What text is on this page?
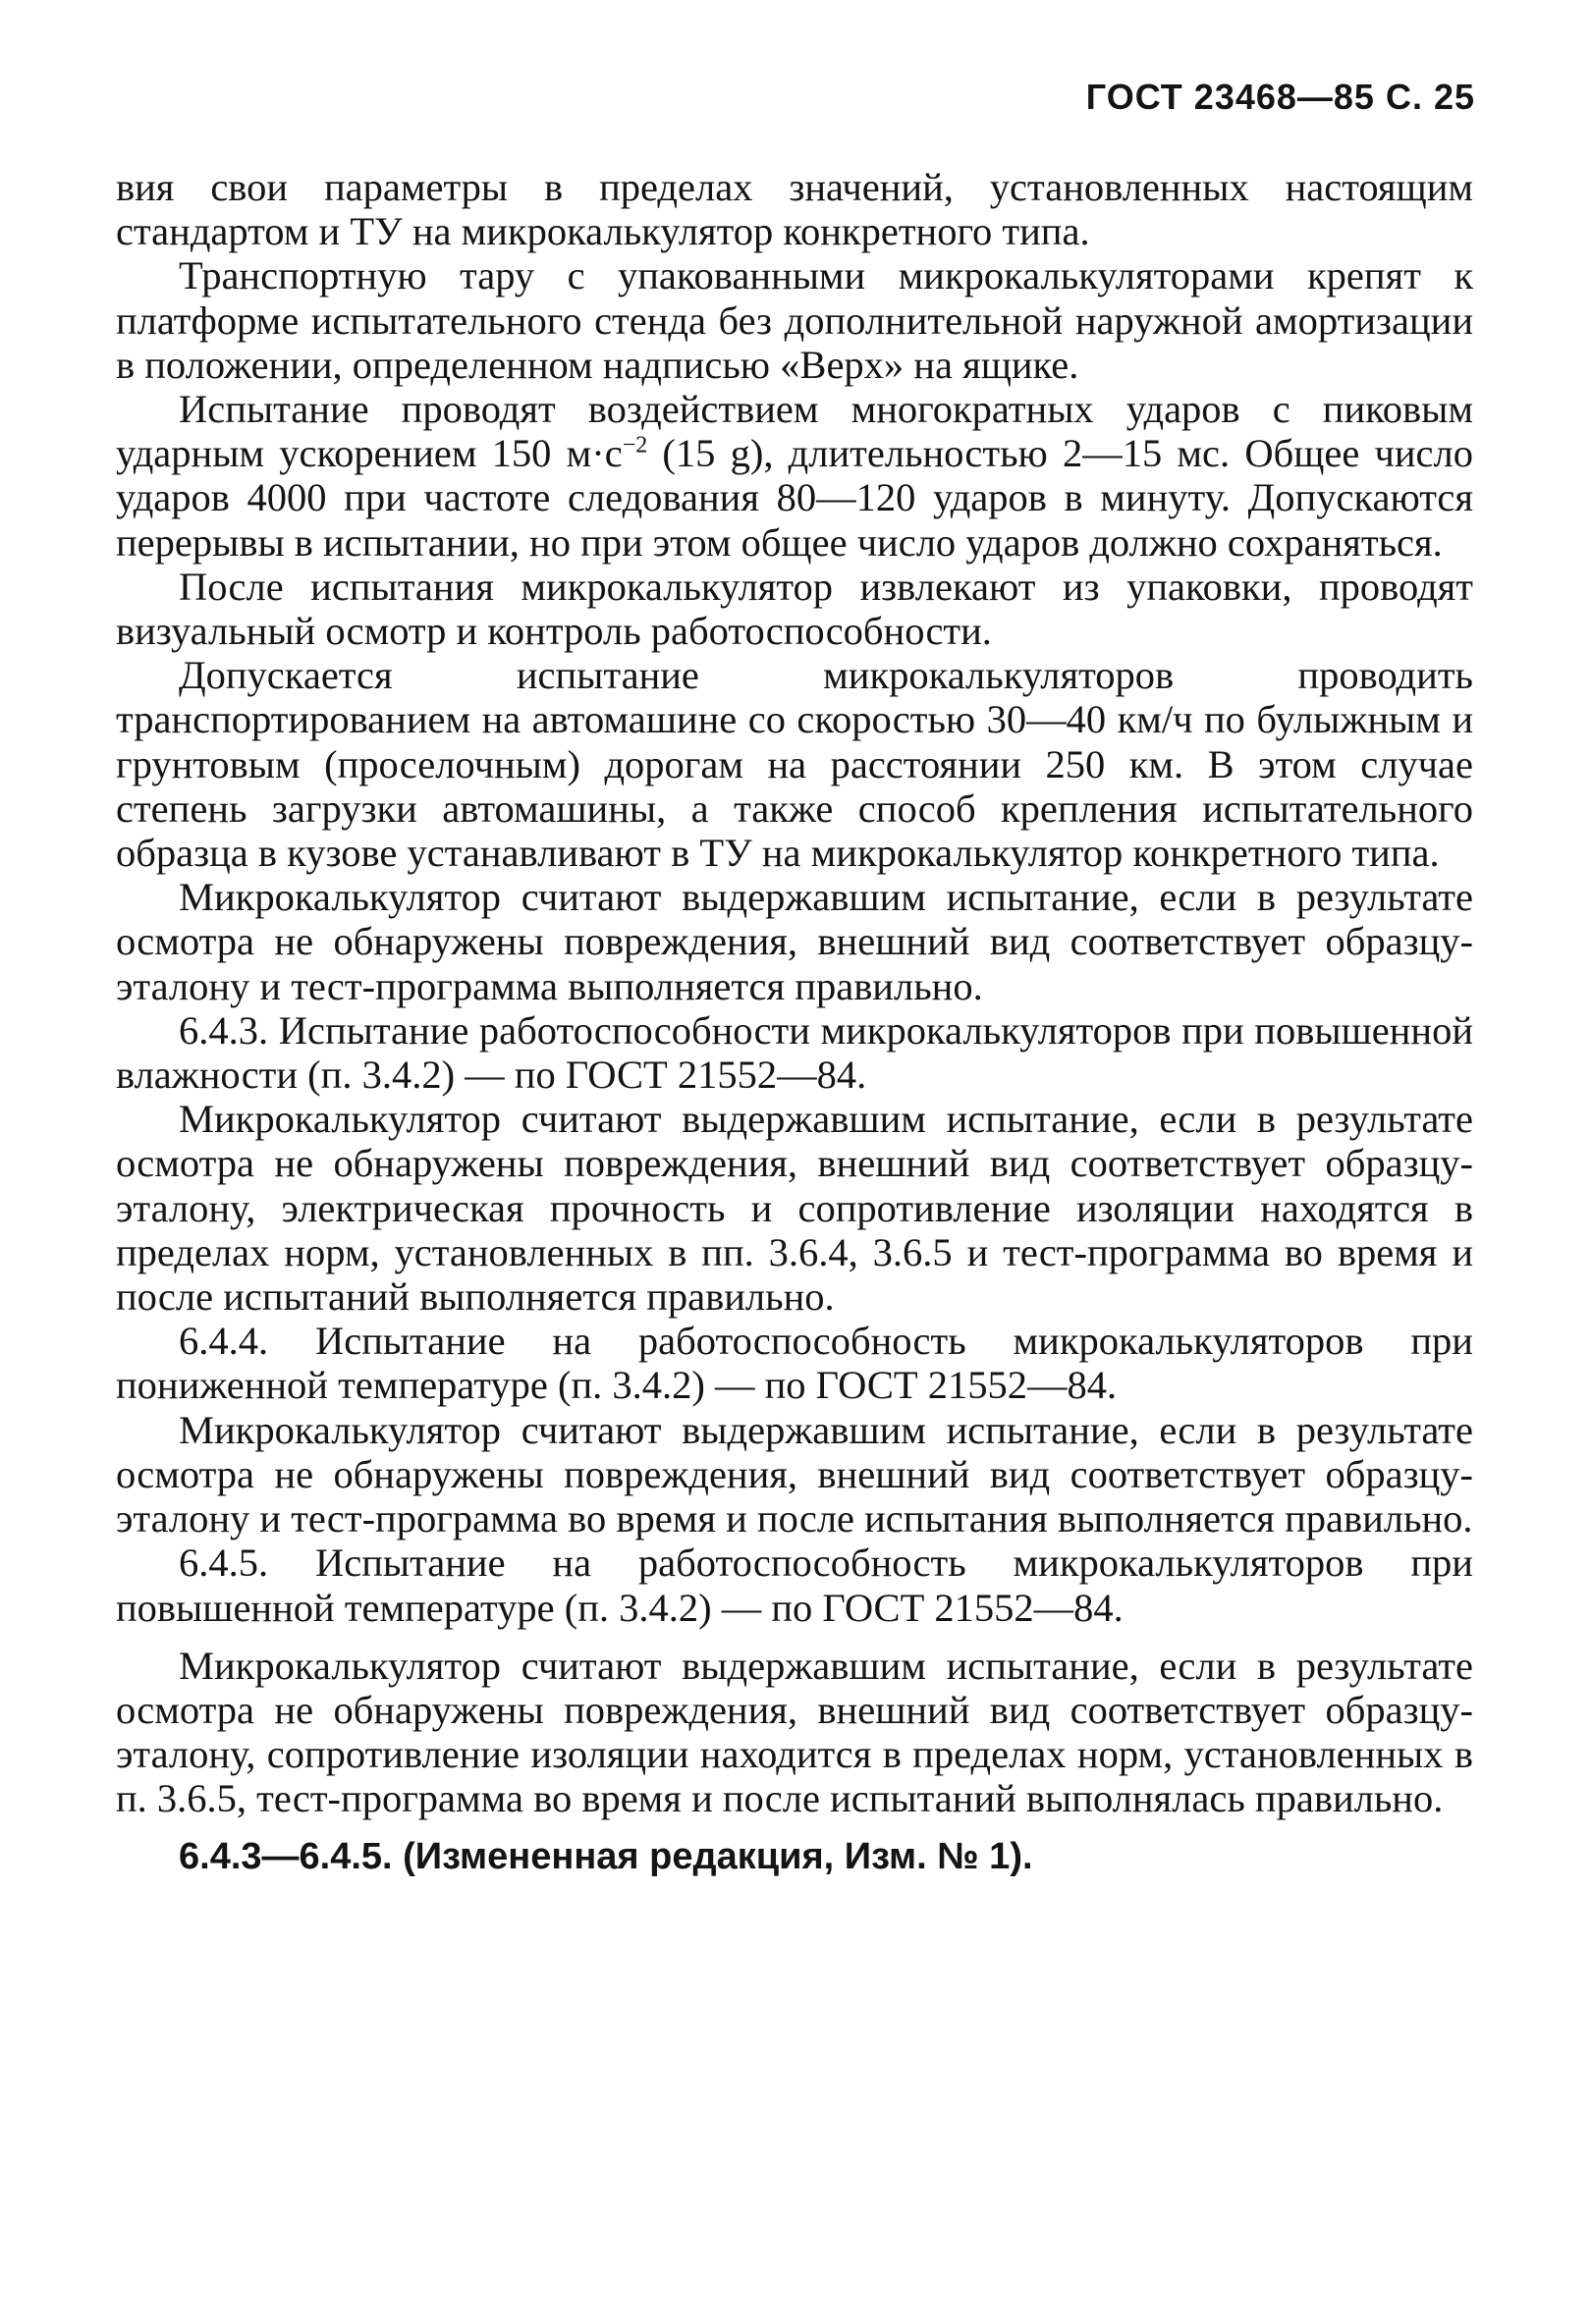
ГОСТ 23468—85 С. 25

вия свои параметры в пределах значений, установленных настоящим стандартом и ТУ на микрокалькулятор конкретного типа.

Транспортную тару с упакованными микрокалькуляторами крепят к платформе испытательного стенда без дополнительной наружной амортизации в положении, определенном надписью «Верх» на ящике.

Испытание проводят воздействием многократных ударов с пиковым ударным ускорением 150 $м\cdot с^{-2}$ (15 g), длительностью 2—15 мс. Общее число ударов 4000 при частоте следования 80—120 ударов в минуту. Допускаются перерывы в испытании, но при этом общее число ударов должно сохраняться.

После испытания микрокалькулятор извлекают из упаковки, проводят визуальный осмотр и контроль работоспособности.

Допускается испытание микрокалькуляторов проводить транспортированием на автомашине со скоростью 30—40 км/ч по булыжным и грунтовым (проселочным) дорогам на расстоянии 250 км. В этом случае степень загрузки автомашины, а также способ крепления испытательного образца в кузове устанавливают в ТУ на микрокалькулятор конкретного типа.

Микрокалькулятор считают выдержавшим испытание, если в результате осмотра не обнаружены повреждения, внешний вид соответствует образцу-эталону и тест-программа выполняется правильно.

6.4.3. Испытание работоспособности микрокалькуляторов при повышенной влажности (п. 3.4.2) — по ГОСТ 21552—84.

Микрокалькулятор считают выдержавшим испытание, если в результате осмотра не обнаружены повреждения, внешний вид соответствует образцу-эталону, электрическая прочность и сопротивление изоляции находятся в пределах норм, установленных в пп. 3.6.4, 3.6.5 и тест-программа во время и после испытаний выполняется правильно.

6.4.4. Испытание на работоспособность микрокалькуляторов при пониженной температуре (п. 3.4.2) — по ГОСТ 21552—84.

Микрокалькулятор считают выдержавшим испытание, если в результате осмотра не обнаружены повреждения, внешний вид соответствует образцу-эталону и тест-программа во время и после испытания выполняется правильно.

6.4.5. Испытание на работоспособность микрокалькуляторов при повышенной температуре (п. 3.4.2) — по ГОСТ 21552—84.

Микрокалькулятор считают выдержавшим испытание, если в результате осмотра не обнаружены повреждения, внешний вид соответствует образцу-эталону, сопротивление изоляции находится в пределах норм, установленных в п. 3.6.5, тест-программа во время и после испытаний выполнялась правильно.

6.4.3—6.4.5. (Измененная редакция, Изм. № 1).
